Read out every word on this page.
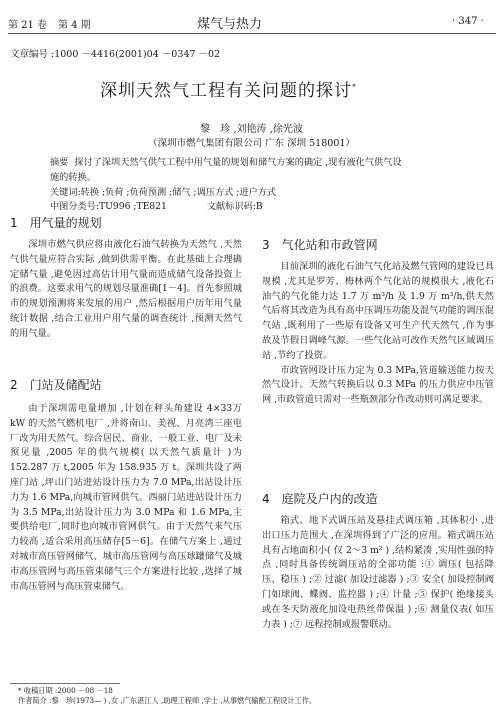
第 21 卷 第 4 期	煤气与热力	· 347 ·
文章编号 :1000 －4416(2001)04 －0347 －02
深圳天然气工程有关问题的探讨*
黎　珍 ,刘艳涛 ,徐光波
（深圳市燃气集团有限公司 广东 深圳 518001）
摘要 探讨了深圳天然气供气工程中用气量的规划和储气方案的确定 ,现有液化气供气设
施的转换。
关键词:转换 ;负荷 ;负荷预测 ;储气 ;调压方式 ;进户方式
中图分类号:TU996 ;TE821	文献标识码:B
1　用气量的规划

深圳市燃气供应将由液化石油气转换为天然气 ,天然气供气量应符合实际 ,做到供需平衡。在此基础上合理确定储气量 ,避免因过高估计用气量而造成储气设备投资上的浪费。这要求用气的规划尽量准确[1－4]。首先参照城市的规划预测将来发展的用户 ,然后根据用户历年用气量统计数据 ,结合工业用户用气量的调查统计 ,预测天然气的用气量。

2　门站及储配站

由于深圳需电量增加 ,计划在秤头角建设 4×33万 kW 的天然气燃机电厂 ,并将南山、美视、月亮湾三座电厂改为用天然气。综合居民、商业、一般工业、电厂及未预见量 ,2005 年的供气规模( 以天然气质量计 )为 152.287 万 t,2005 年为 158.935 万 t。深圳共设了两座门站 ,坪山门站进站设计压力为 7.0 MPa,出站设计压力为 1.6 MPa,向城市管网供气。西丽门站进站设计压力为 3.5 MPa,出站设计压力为 3.0 MPa 和 1.6 MPa,主要供给电厂,同时也向城市管网供气。由于天然气来气压力较高 ,适合采用高压储存[5－6]。在储气方案上 ,通过对城市高压管网储气、城市高压管网与高压球罐储气及城市高压管网与高压管束储气三个方案进行比较 ,选择了城市高压管网与高压管束储气。

3　气化站和市政管网

目前深圳的液化石油气气化站及燃气管网的建设已具规模 ,尤其是罗芳、梅林两个气化站的规模很大 ,液化石油气的气化能力达 1.7 万 m³/h 及 1.9 万 m³/h,供天然气后将其改造为具有高中压调压功能及混气功能的调压混气站 ,既利用了一些原有设备又可生产代天然气 ,作为事故及节假日调峰气源。一些气化站可改作天然气区域调压站 ,节约了投资。

市政管网设计压力定为 0.3 MPa,管道输送能力按天然气设计。天然气转换后以 0.3 MPa 的压力供应中压管网 ,市政管道只需对一些瓶颈部分作改动则可满足要求。

4　庭院及户内的改造

箱式、地下式调压站及悬挂式调压箱 ,其体积小 ,进出口压力范围大 ,在深圳得到了广泛的应用。箱式调压站具有占地面积小( 仅 2～3 m² ) ,结构紧凑 ,实用性强的特点 ,同时具备传统调压站的全部功能 :① 调压( 包括降压、稳压 ) ;② 过滤( 加设过滤器 ) ;③ 安全( 加设控制阀门如球阀、蝶阀、监控器 ) ;④ 计量 ;⑤ 保护( 绝缘接头或在冬天防液化加设电热丝带保温 ) ;⑥ 测量仪表( 如压力表 ) ;⑦ 远程控制或报警联动。

* 收稿日期 :2000 －08 －18
作者简介 :黎　珍(1973— ) ,女 ,广东湛江人 ,助理工程师 ,学士 ,从事燃气输配工程设计工作。
